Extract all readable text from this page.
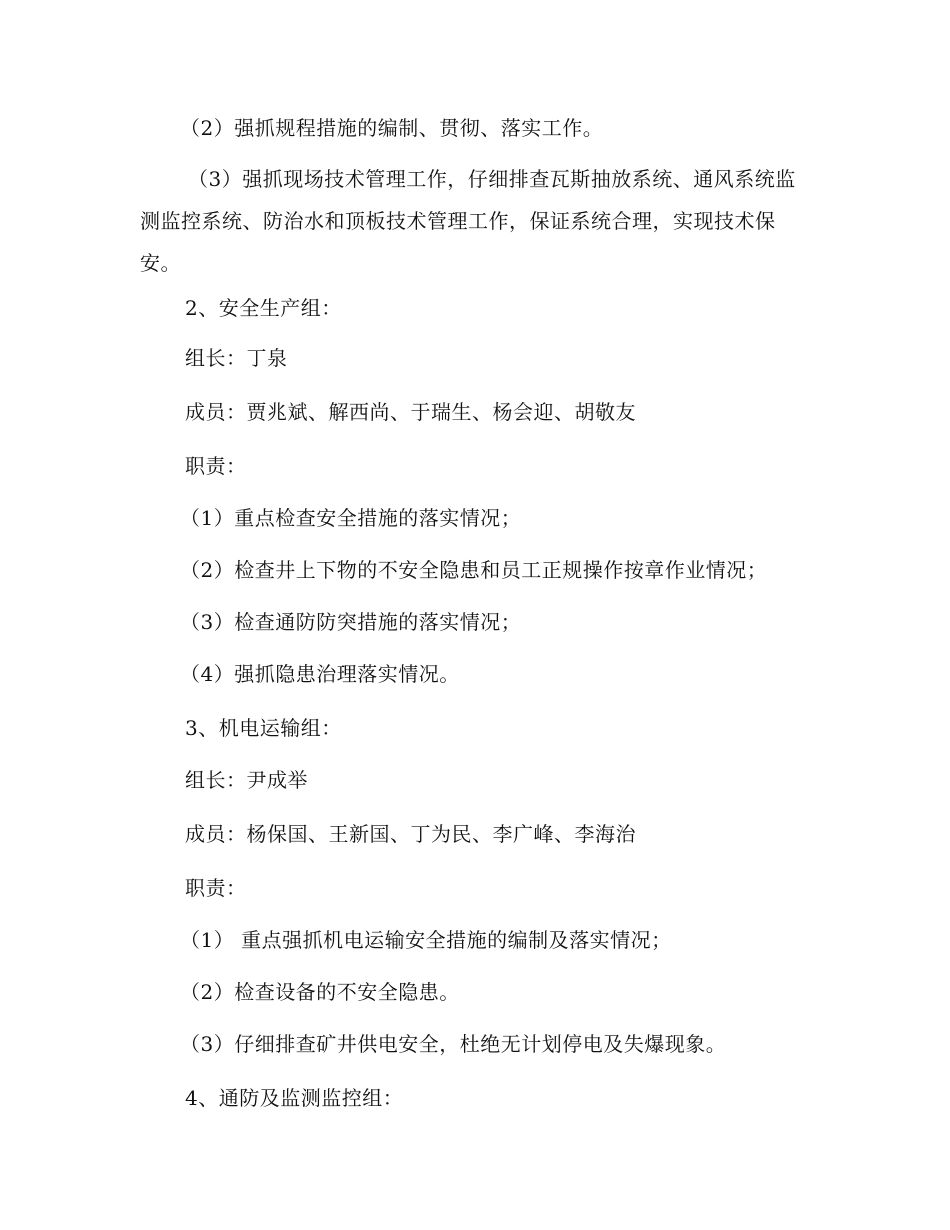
（2）强抓规程措施的编制、贯彻、落实工作。
（3）强抓现场技术管理工作，仔细排查瓦斯抽放系统、通风系统监测监控系统、防治水和顶板技术管理工作，保证系统合理，实现技术保安。
2、安全生产组：
组长：丁泉
成员：贾兆斌、解西尚、于瑞生、杨会迎、胡敬友
职责：
（1）重点检查安全措施的落实情况；
（2）检查井上下物的不安全隐患和员工正规操作按章作业情况；
（3）检查通防防突措施的落实情况；
（4）强抓隐患治理落实情况。
3、机电运输组：
组长：尹成举
成员：杨保国、王新国、丁为民、李广峰、李海治
职责：
（1） 重点强抓机电运输安全措施的编制及落实情况；
（2）检查设备的不安全隐患。
（3）仔细排查矿井供电安全，杜绝无计划停电及失爆现象。
4、通防及监测监控组：
